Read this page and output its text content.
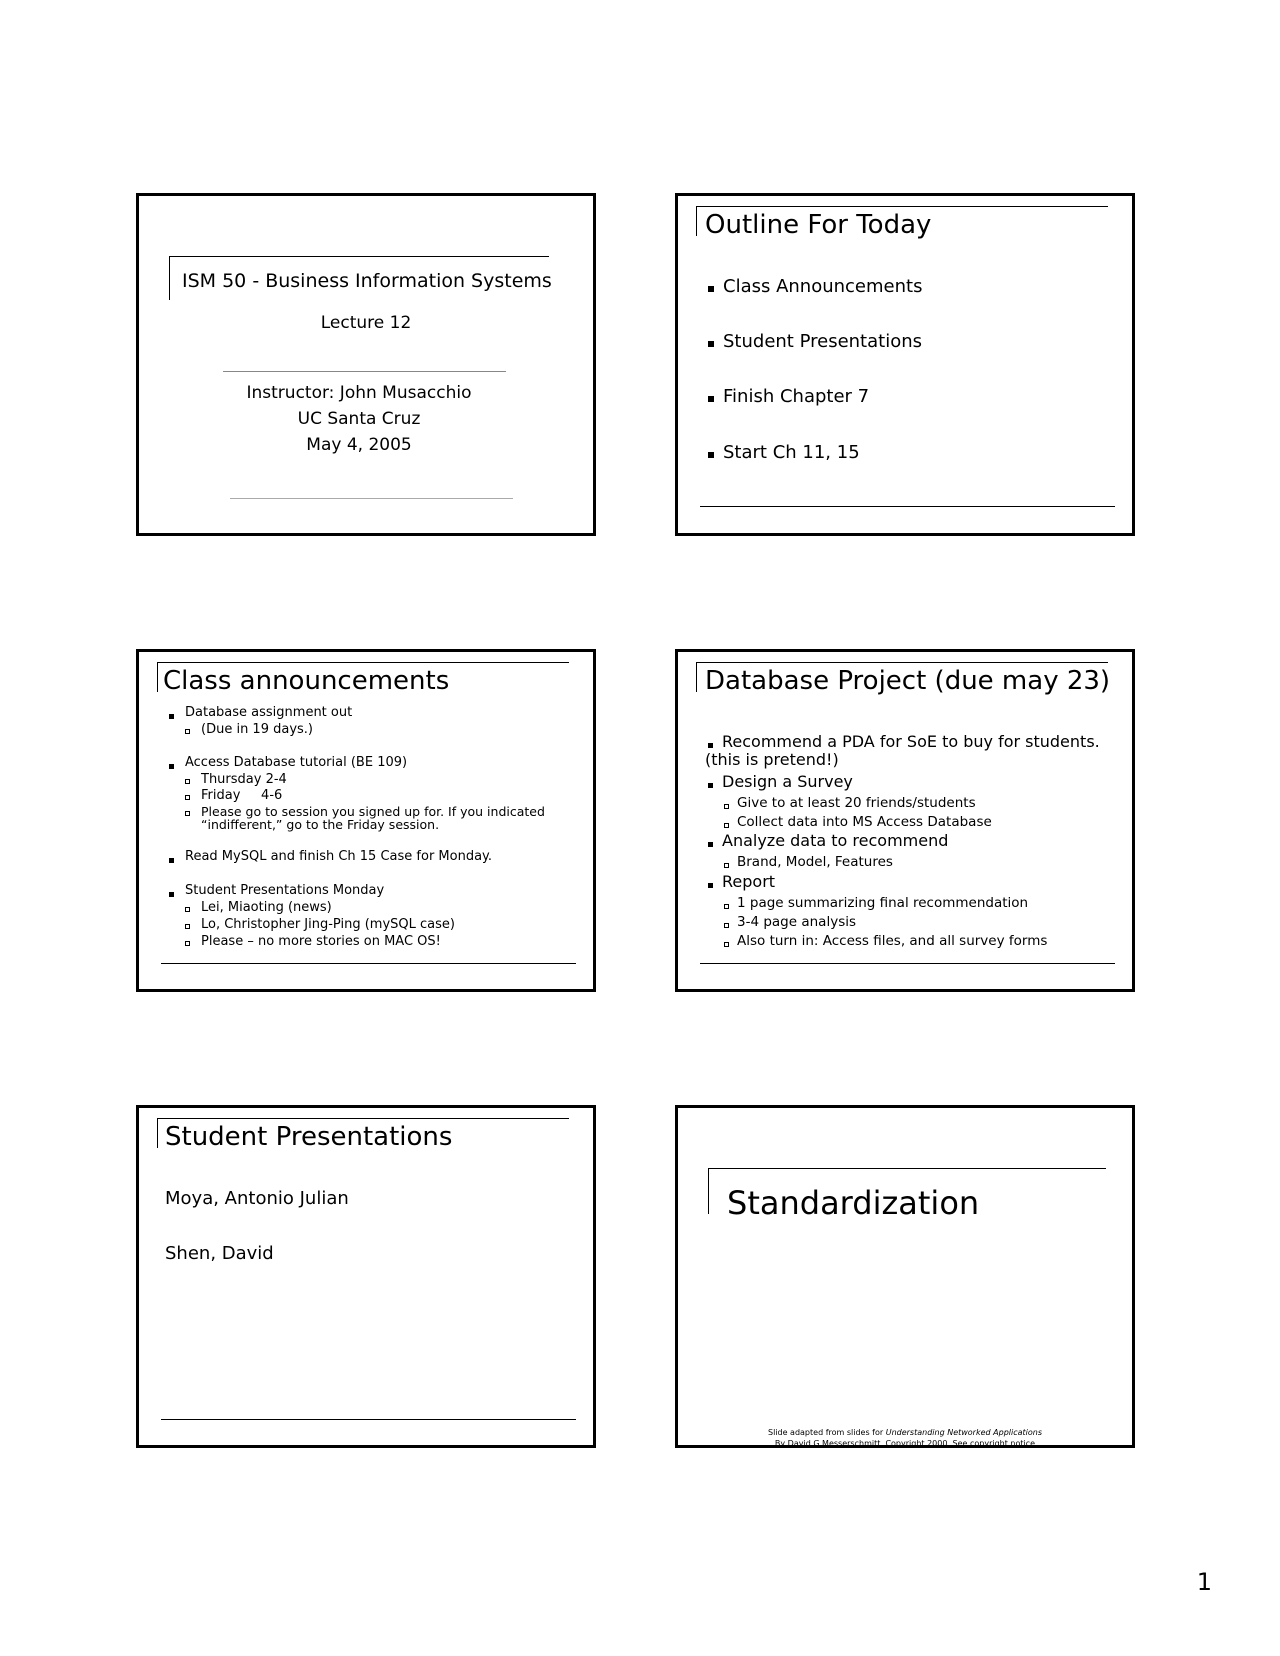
ISM 50 - Business Information Systems
Lecture 12
Instructor: John Musacchio
UC Santa Cruz
May 4, 2005
Outline For Today
Class Announcements
Student Presentations
Finish Chapter 7
Start Ch 11, 15
Class announcements
Database assignment out
(Due in 19 days.)
Access Database tutorial (BE 109)
Thursday 2-4
Friday     4-6
Please go to session you signed up for. If you indicated
“indifferent,” go to the Friday session.
Read MySQL and finish Ch 15 Case for Monday.
Student Presentations Monday
Lei, Miaoting (news)
Lo, Christopher Jing-Ping (mySQL case)
Please – no more stories on MAC OS!
Database Project (due may 23)
Recommend a PDA for SoE to buy for students.
(this is pretend!)
Design a Survey
Give to at least 20 friends/students
Collect data into MS Access Database
Analyze data to recommend
Brand, Model, Features
Report
1 page summarizing final recommendation
3-4 page analysis
Also turn in: Access files, and all survey forms
Student Presentations
Moya, Antonio Julian
Shen, David
Standardization
Slide adapted from slides for Understanding Networked Applications
By David G Messerschmitt. Copyright 2000. See copyright notice
1
